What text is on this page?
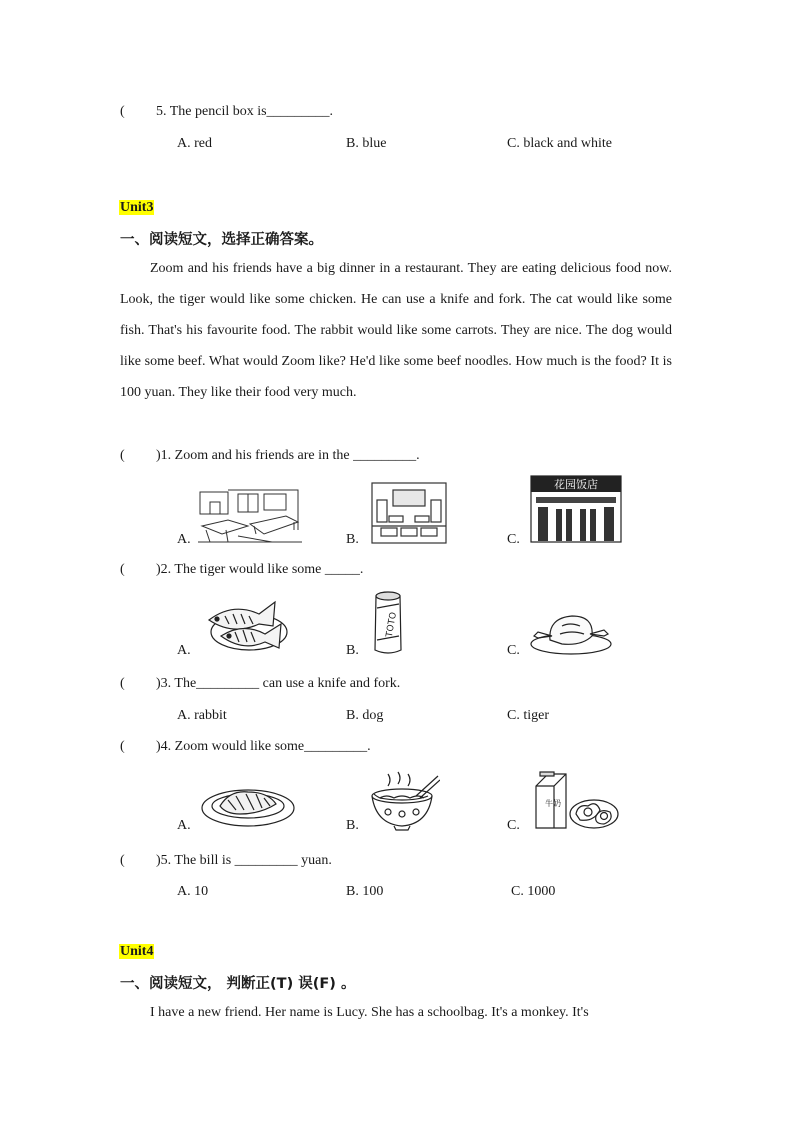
( 5. The pencil box is_________.
A. red	B. blue	C. black and white
Unit3
一、阅读短文，选择正确答案。
Zoom and his friends have a big dinner in a restaurant. They are eating delicious food now. Look, the tiger would like some chicken. He can use a knife and fork. The cat would like some fish. That's his favourite food. The rabbit would like some carrots. They are nice. The dog would like some beef. What would Zoom like? He'd like some beef noodles. How much is the food? It is 100 yuan. They like their food very much.
( )1. Zoom and his friends are in the _________.
A.	B.	C.
花园饭店
( )2. The tiger would like some _____.
A.	B.	C.
TOTO
( )3. The_________ can use a knife and fork.
A. rabbit	B. dog	C. tiger
( )4. Zoom would like some_________.
A.	B.	C.
牛奶
( )5. The bill is _________ yuan.
A. 10	B. 100	C. 1000
Unit4
一、阅读短文， 判断正(T) 误(F) 。
I have a new friend. Her name is Lucy. She has a schoolbag. It's a monkey. It's
